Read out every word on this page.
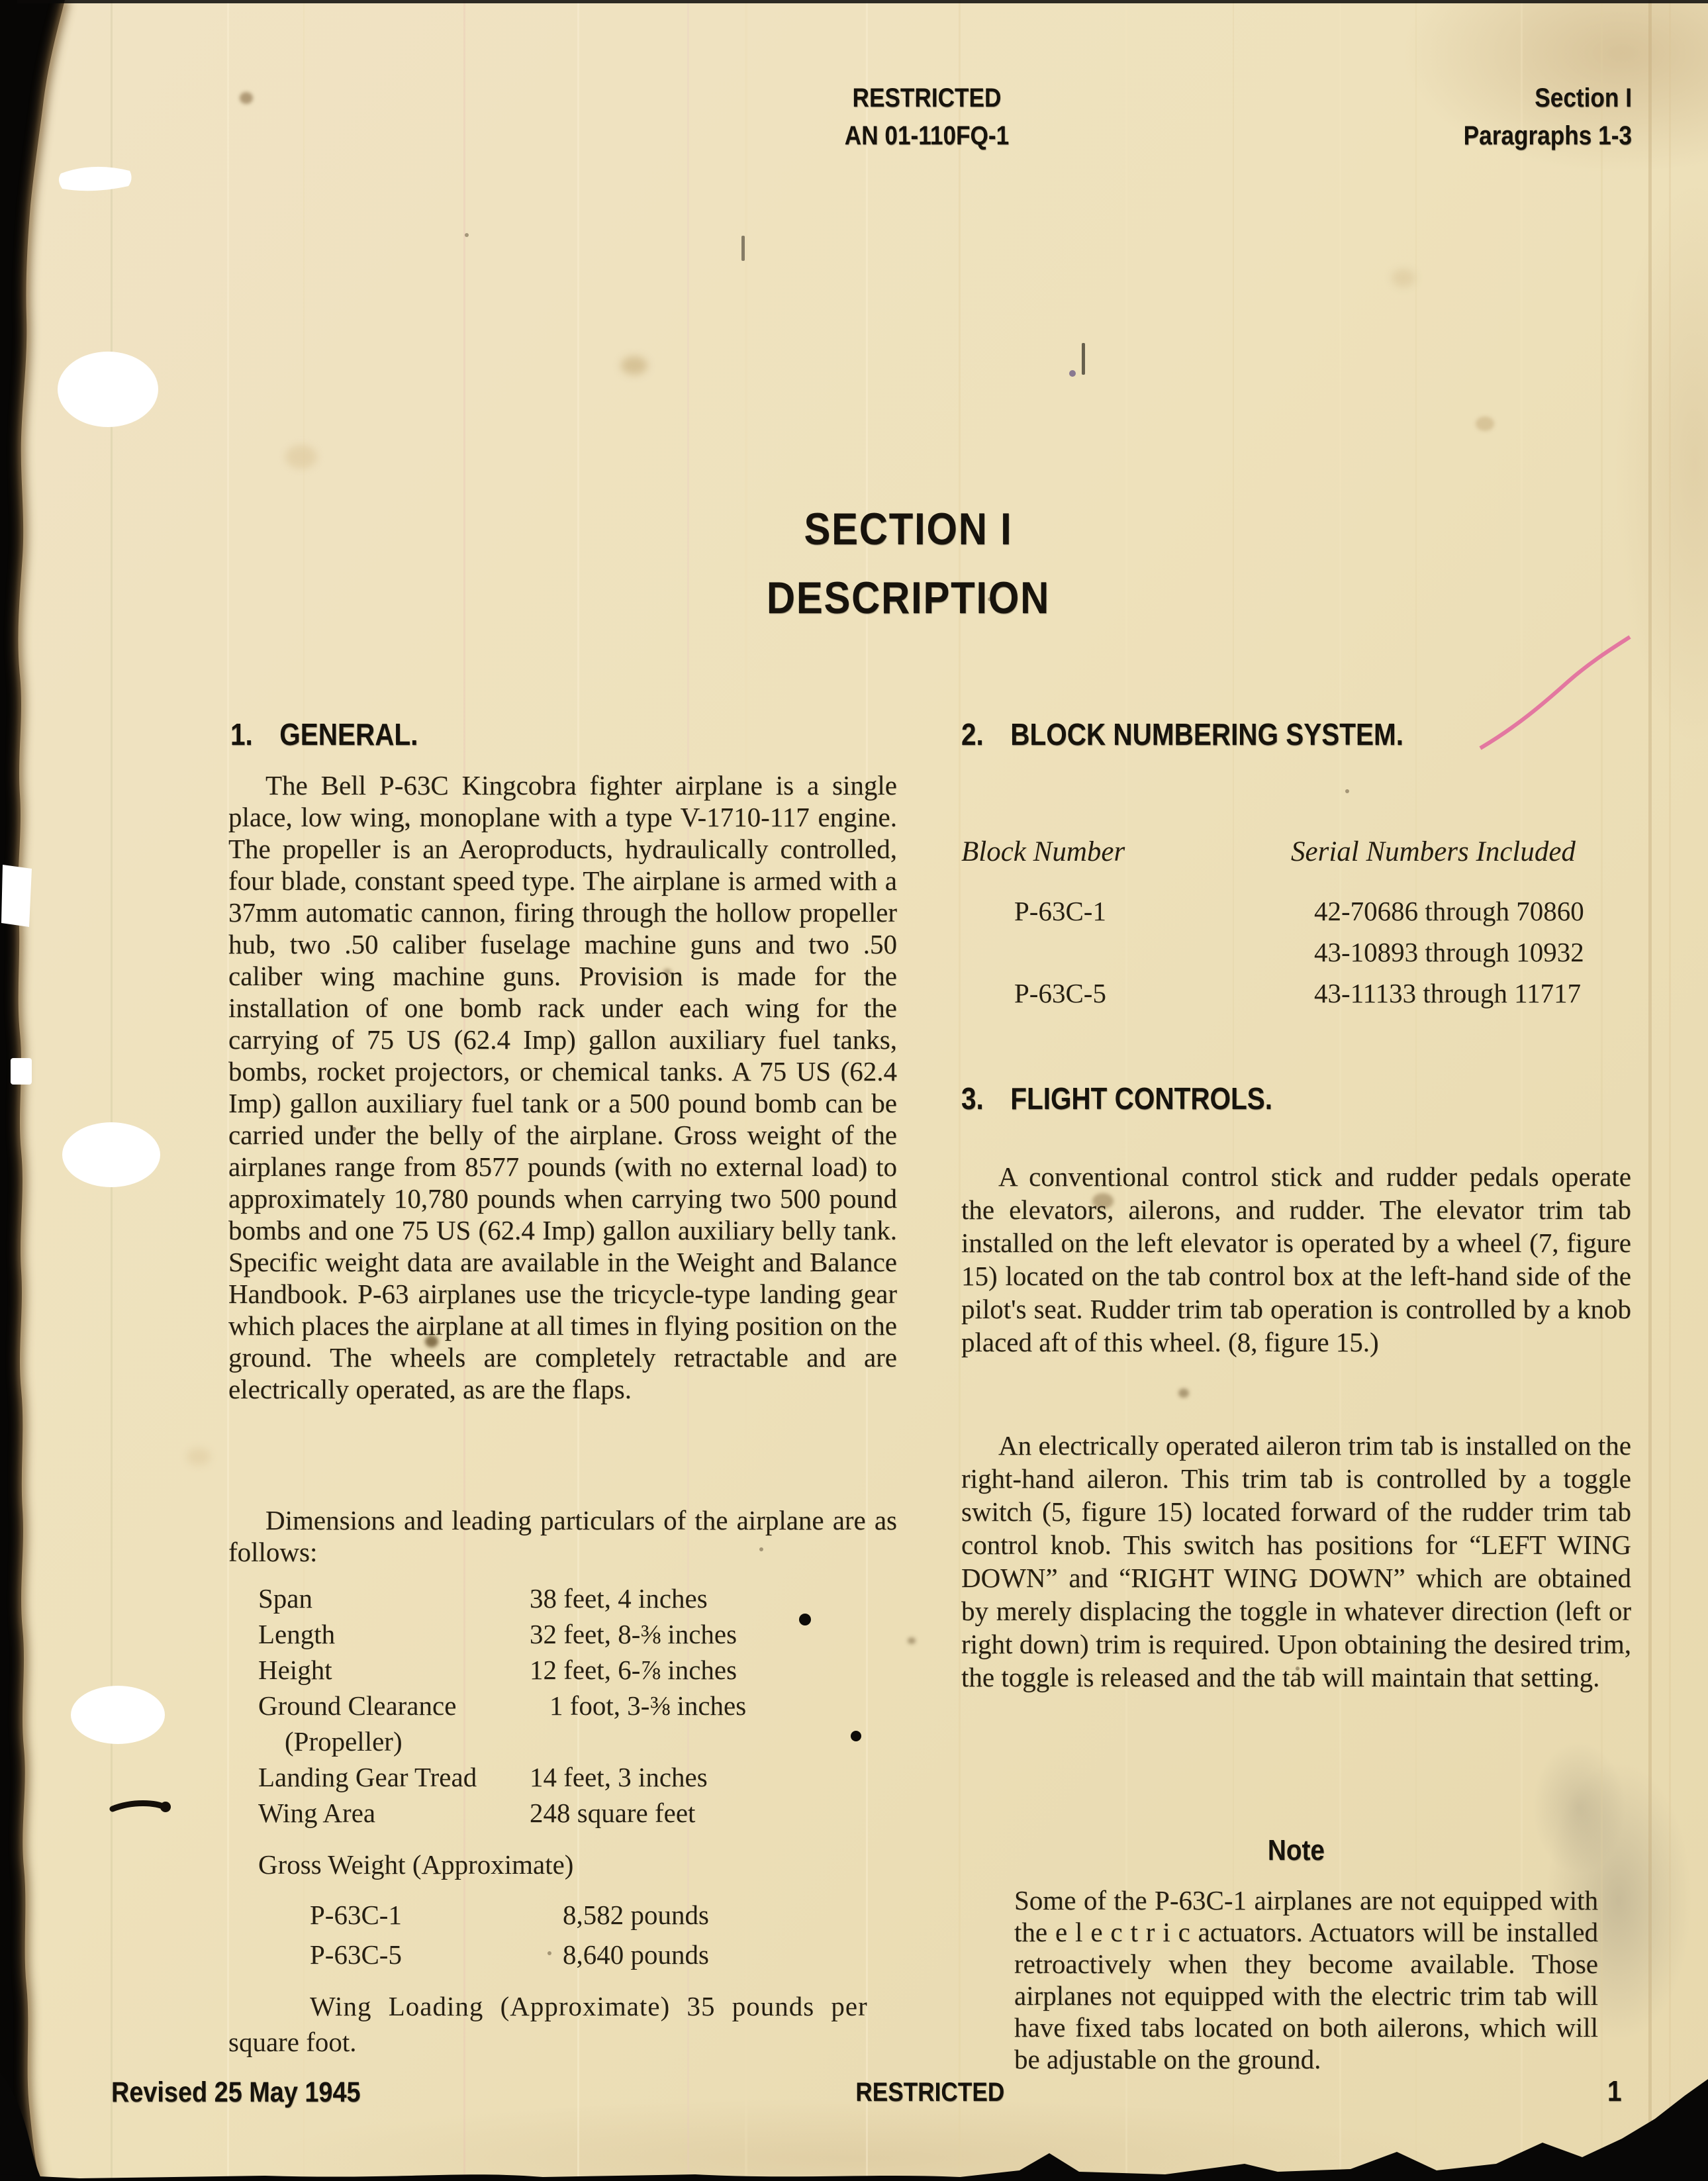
RESTRICTED
AN 01-110FQ-1
Section I
Paragraphs 1-3
SECTION I
DESCRIPTION
1. GENERAL.
The Bell P-63C Kingcobra fighter airplane is a single place, low wing, monoplane with a type V-1710-117 engine. The propeller is an Aeroproducts, hydraulically controlled, four blade, constant speed type. The airplane is armed with a 37mm automatic cannon, firing through the hollow propeller hub, two .50 caliber fuselage machine guns and two .50 caliber wing machine guns. Provision is made for the installation of one bomb rack under each wing for the carrying of 75 US (62.4 Imp) gallon auxiliary fuel tanks, bombs, rocket projectors, or chemical tanks. A 75 US (62.4 Imp) gallon auxiliary fuel tank or a 500 pound bomb can be carried under the belly of the airplane. Gross weight of the airplanes range from 8577 pounds (with no external load) to approximately 10,780 pounds when carrying two 500 pound bombs and one 75 US (62.4 Imp) gallon auxiliary belly tank. Specific weight data are available in the Weight and Balance Handbook. P-63 airplanes use the tricycle-type landing gear which places the airplane at all times in flying position on the ground. The wheels are completely retractable and are electrically operated, as are the flaps.
Dimensions and leading particulars of the airplane are as follows:
Span	38 feet, 4 inches
Length	32 feet, 8-⅜ inches
Height	12 feet, 6-⅞ inches
Ground Clearance	1 foot, 3-⅜ inches
(Propeller)
Landing Gear Tread 14 feet, 3 inches
Wing Area	248 square feet
Gross Weight (Approximate)
P-63C-1	8,582 pounds
P-63C-5	8,640 pounds
Wing Loading (Approximate) 35 pounds per
square foot.
2. BLOCK NUMBERING SYSTEM.
Block Number	Serial Numbers Included
P-63C-1	42-70686 through 70860
43-10893 through 10932
P-63C-5	43-11133 through 11717
3. FLIGHT CONTROLS.
A conventional control stick and rudder pedals operate the elevators, ailerons, and rudder. The elevator trim tab installed on the left elevator is operated by a wheel (7, figure 15) located on the tab control box at the left-hand side of the pilot's seat. Rudder trim tab operation is controlled by a knob placed aft of this wheel. (8, figure 15.)
An electrically operated aileron trim tab is installed on the right-hand aileron. This trim tab is controlled by a toggle switch (5, figure 15) located forward of the rudder trim tab control knob. This switch has positions for “LEFT WING DOWN” and “RIGHT WING DOWN” which are obtained by merely displacing the toggle in whatever direction (left or right down) trim is required. Upon obtaining the desired trim, the toggle is released and the tab will maintain that setting.
Note
Some of the P-63C-1 airplanes are not equipped with the e l e c t r i c actuators. Actuators will be installed retroactively when they become available. Those airplanes not equipped with the electric trim tab will have fixed tabs located on both ailerons, which will be adjustable on the ground.
Revised 25 May 1945	RESTRICTED	1
